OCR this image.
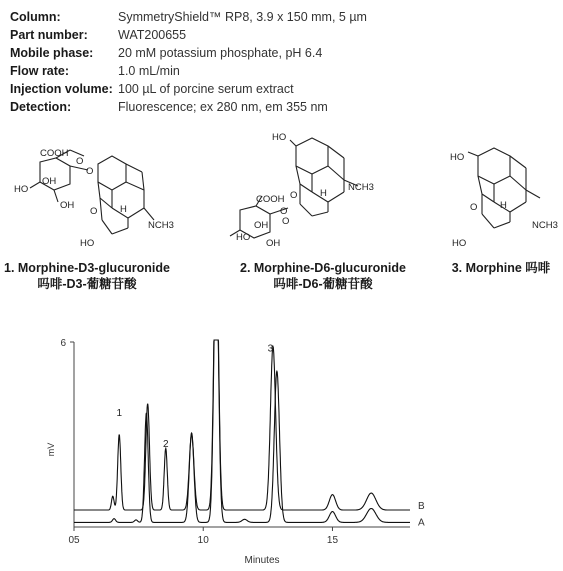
Column:	SymmetryShield™ RP8, 3.9 x 150 mm, 5 µm
Part number:	WAT200655
Mobile phase:	20 mM potassium phosphate, pH 6.4
Flow rate:	1.0 mL/min
Injection volume: 100 µL of porcine serum extract
Detection:	Fluorescence; ex 280 nm, em 355 nm
COOH
O
O
HO
OH
OH
O H
NCH3
HO
HO
O H
NCH3
COOH
O
O
HO
OH
OH
HO
O H
NCH3
HO
1. Morphine-D3-glucuronide
吗啡-D3-葡糖苷酸
2. Morphine-D6-glucuronide
吗啡-D6-葡糖苷酸
3. Morphine 吗啡
05	10	15
6
Minutes
mV
A
B
1
2
3
